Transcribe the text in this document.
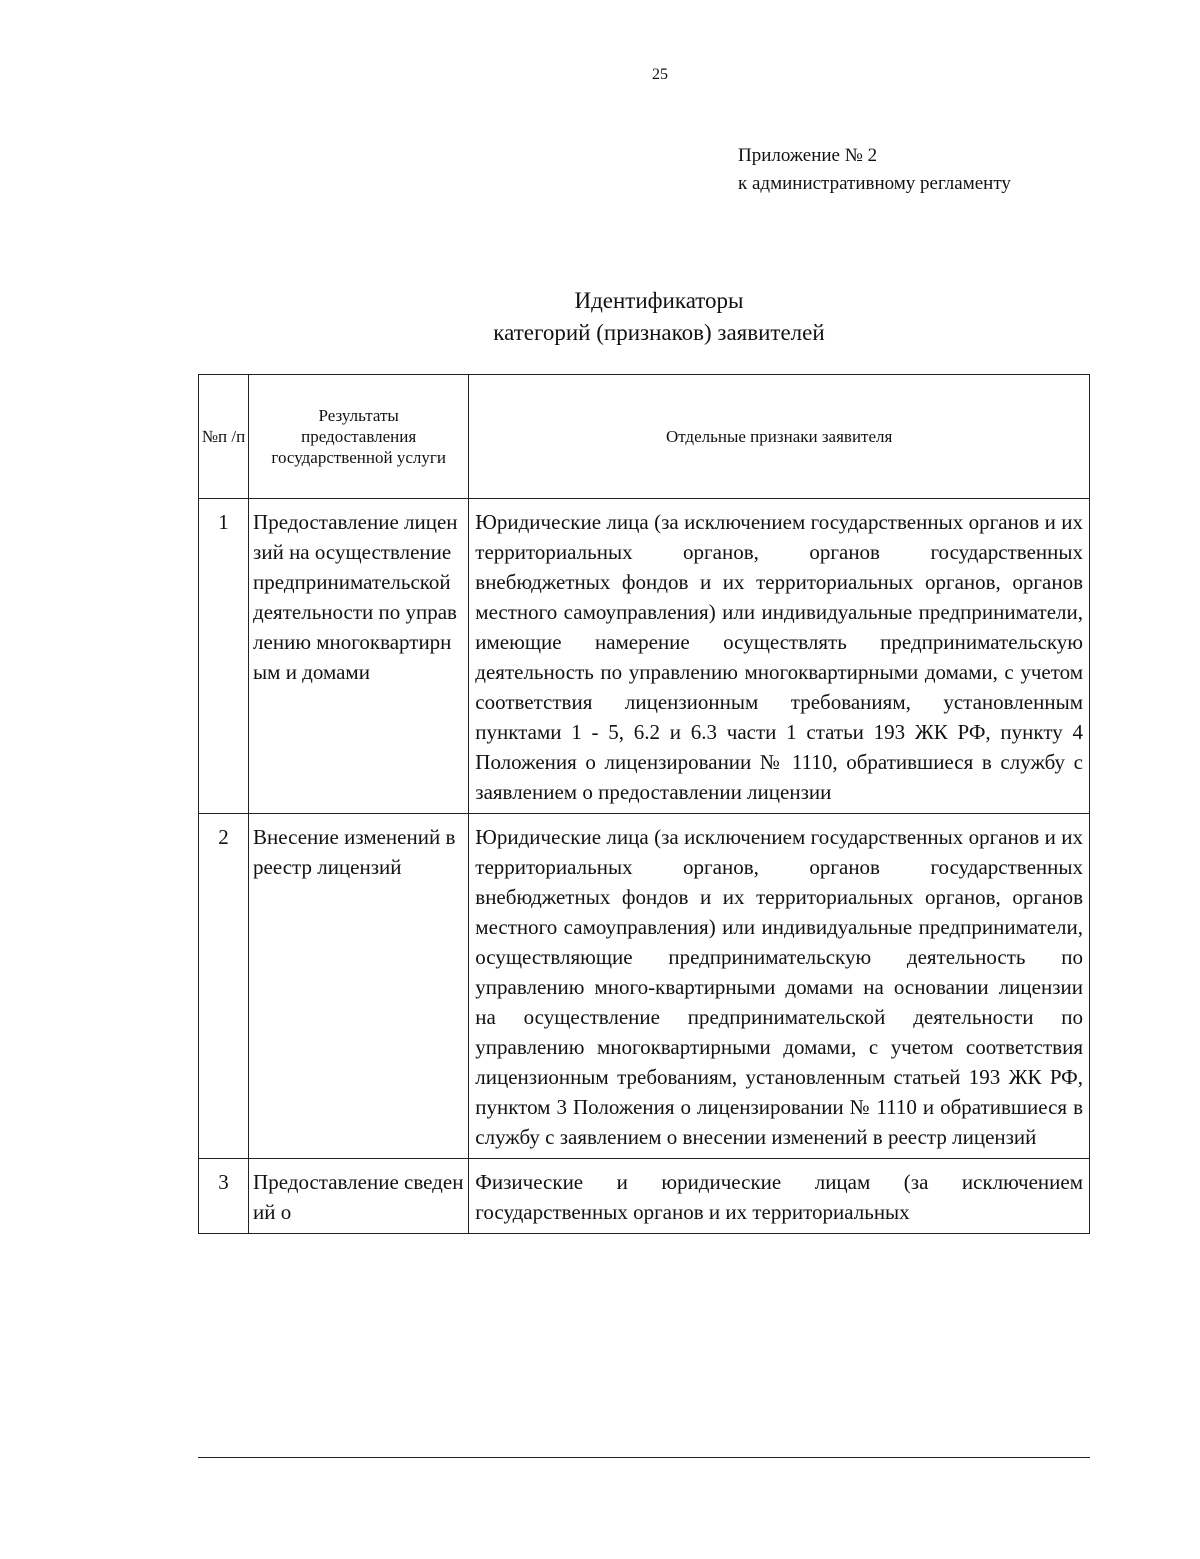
25
Приложение № 2
к административному регламенту
Идентификаторы
категорий (признаков) заявителей
№п /п	Результаты предоставления государственной услуги	Отдельные признаки заявителя
1	Предоставление лицензий на осуществление предпринимательской деятельности по управлению многоквартирным и домами	Юридические лица (за исключением государственных органов и их территориальных органов, органов государственных внебюджетных фондов и их территориальных органов, органов местного самоуправления) или индивидуальные предприниматели, имеющие намерение осуществлять предпринимательскую деятельность по управлению многоквартирными домами, с учетом соответствия лицензионным требованиям, установленным пунктами 1 - 5, 6.2 и 6.3 части 1 статьи 193 ЖК РФ, пункту 4 Положения о лицензировании № 1110, обратившиеся в службу с заявлением о предоставлении лицензии
2	Внесение изменений в реестр лицензий	Юридические лица (за исключением государственных органов и их территориальных органов, органов государственных внебюджетных фондов и их территориальных органов, органов местного самоуправления) или индивидуальные предприниматели, осуществляющие предпринимательскую деятельность по управлению много-квартирными домами на основании лицензии на осуществление предпринимательской деятельности по управлению многоквартирными домами, с учетом соответствия лицензионным требованиям, установленным статьей 193 ЖК РФ, пунктом 3 Положения о лицензировании № 1110 и обратившиеся в службу с заявлением о внесении изменений в реестр лицензий
3	Предоставление сведений о	Физические и юридические лицам (за исключением государственных органов и их территориальных
